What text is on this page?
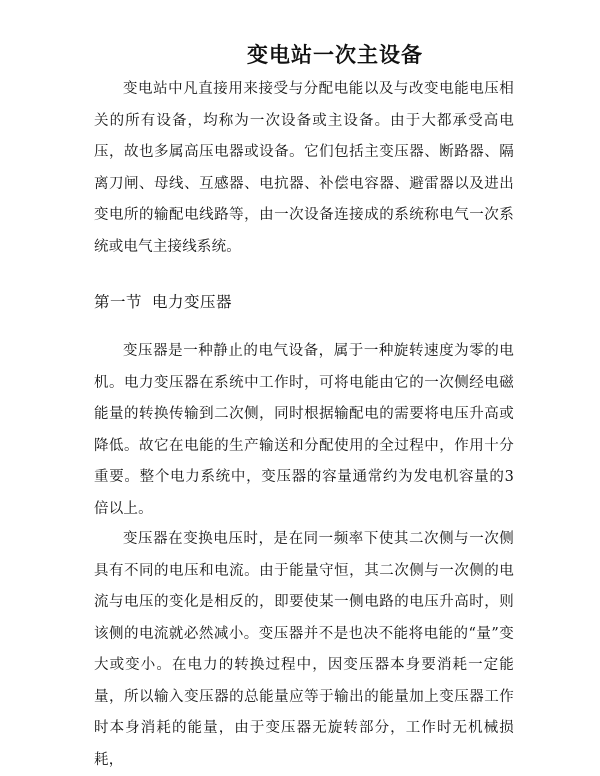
变电站一次主设备

变电站中凡直接用来接受与分配电能以及与改变电能电压相关的所有设备，均称为一次设备或主设备。由于大都承受高电压，故也多属高压电器或设备。它们包括主变压器、断路器、隔离刀闸、母线、互感器、电抗器、补偿电容器、避雷器以及进出变电所的输配电线路等，由一次设备连接成的系统称电气一次系统或电气主接线系统。

第一节 电力变压器

变压器是一种静止的电气设备，属于一种旋转速度为零的电机。电力变压器在系统中工作时，可将电能由它的一次侧经电磁能量的转换传输到二次侧，同时根据输配电的需要将电压升高或降低。故它在电能的生产输送和分配使用的全过程中，作用十分重要。整个电力系统中，变压器的容量通常约为发电机容量的3倍以上。

变压器在变换电压时，是在同一频率下使其二次侧与一次侧具有不同的电压和电流。由于能量守恒，其二次侧与一次侧的电流与电压的变化是相反的，即要使某一侧电路的电压升高时，则该侧的电流就必然减小。变压器并不是也决不能将电能的“量”变大或变小。在电力的转换过程中，因变压器本身要消耗一定能量，所以输入变压器的总能量应等于输出的能量加上变压器工作时本身消耗的能量，由于变压器无旋转部分，工作时无机械损耗，
